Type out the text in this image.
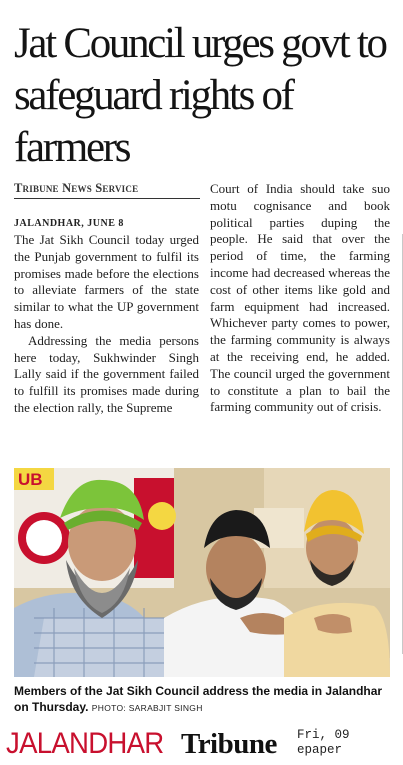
Jat Council urges govt to safeguard rights of farmers
Tribune News Service
JALANDHAR, JUNE 8

The Jat Sikh Council today urged the Punjab government to fulfil its promises made before the elections to alleviate farmers of the state similar to what the UP government has done.

Addressing the media persons here today, Sukhwinder Singh Lally said if the government failed to fulfill its promises made during the election rally, the Supreme

Court of India should take suo motu cognisance and book political parties duping the people. He said that over the period of time, the farming income had decreased whereas the cost of other items like gold and farm equipment had increased. Whichever party comes to power, the farming community is always at the receiving end, he added. The council urged the government to constitute a plan to bail the farming community out of crisis.

UB

Members of the Jat Sikh Council address the media in Jalandhar on Thursday. PHOTO: SARABJIT SINGH

JALANDHAR Tribune Fri, 09
epaper
